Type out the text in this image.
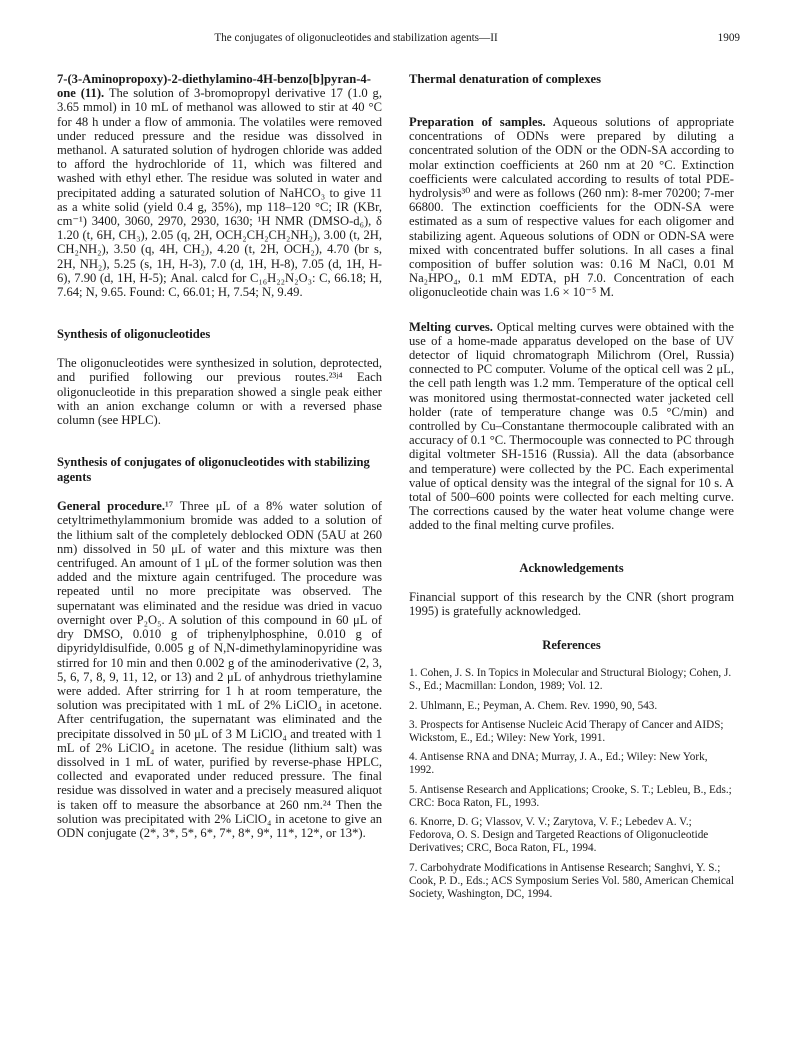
The conjugates of oligonucleotides and stabilization agents—II	1909

7-(3-Aminopropoxy)-2-diethylamino-4H-benzo[b]pyran-4-one (11). The solution of 3-bromopropyl derivative 17 (1.0 g, 3.65 mmol) in 10 mL of methanol was allowed to stir at 40 °C for 48 h under a flow of ammonia. The volatiles were removed under reduced pressure and the residue was dissolved in methanol. A saturated solution of hydrogen chloride was added to afford the hydrochloride of 11, which was filtered and washed with ethyl ether. The residue was soluted in water and precipitated adding a saturated solution of NaHCO₃ to give 11 as a white solid (yield 0.4 g, 35%), mp 118–120 °C; IR (KBr, cm⁻¹) 3400, 3060, 2970, 2930, 1630; ¹H NMR (DMSO-d₆), δ 1.20 (t, 6H, CH₃), 2.05 (q, 2H, OCH₂CH₂CH₂NH₂), 3.00 (t, 2H, CH₂NH₂), 3.50 (q, 4H, CH₂), 4.20 (t, 2H, OCH₂), 4.70 (br s, 2H, NH₂), 5.25 (s, 1H, H-3), 7.0 (d, 1H, H-8), 7.05 (d, 1H, H-6), 7.90 (d, 1H, H-5); Anal. calcd for C₁₆H₂₂N₂O₃: C, 66.18; H, 7.64; N, 9.65. Found: C, 66.01; H, 7.54; N, 9.49.

Synthesis of oligonucleotides

The oligonucleotides were synthesized in solution, deprotected, and purified following our previous routes.²³ʲ⁴ Each oligonucleotide in this preparation showed a single peak either with an anion exchange column or with a reversed phase column (see HPLC).

Synthesis of conjugates of oligonucleotides with stabilizing agents

General procedure.¹⁷ Three μL of a 8% water solution of cetyltrimethylammonium bromide was added to a solution of the lithium salt of the completely deblocked ODN (5AU at 260 nm) dissolved in 50 μL of water and this mixture was then centrifuged. An amount of 1 μL of the former solution was then added and the mixture again centrifuged. The procedure was repeated until no more precipitate was observed. The supernatant was eliminated and the residue was dried in vacuo overnight over P₂O₅. A solution of this compound in 60 μL of dry DMSO, 0.010 g of triphenylphosphine, 0.010 g of dipyridyldisulfide, 0.005 g of N,N-dimethylaminopyridine was stirred for 10 min and then 0.002 g of the aminoderivative (2, 3, 5, 6, 7, 8, 9, 11, 12, or 13) and 2 μL of anhydrous triethylamine were added. After strirring for 1 h at room temperature, the solution was precipitated with 1 mL of 2% LiClO₄ in acetone. After centrifugation, the supernatant was eliminated and the precipitate dissolved in 50 μL of 3 M LiClO₄ and treated with 1 mL of 2% LiClO₄ in acetone. The residue (lithium salt) was dissolved in 1 mL of water, purified by reverse-phase HPLC, collected and evaporated under reduced pressure. The final residue was dissolved in water and a precisely measured aliquot is taken off to measure the absorbance at 260 nm.²⁴ Then the solution was precipitated with 2% LiClO₄ in acetone to give an ODN conjugate (2*, 3*, 5*, 6*, 7*, 8*, 9*, 11*, 12*, or 13*).

Thermal denaturation of complexes

Preparation of samples. Aqueous solutions of appropriate concentrations of ODNs were prepared by diluting a concentrated solution of the ODN or the ODN-SA according to molar extinction coefficients at 260 nm at 20 °C. Extinction coefficients were calculated according to results of total PDE-hydrolysis³⁰ and were as follows (260 nm): 8-mer 70200; 7-mer 66800. The extinction coefficients for the ODN-SA were estimated as a sum of respective values for each oligomer and stabilizing agent. Aqueous solutions of ODN or ODN-SA were mixed with concentrated buffer solutions. In all cases a final composition of buffer solution was: 0.16 M NaCl, 0.01 M Na₂HPO₄, 0.1 mM EDTA, pH 7.0. Concentration of each oligonucleotide chain was 1.6 × 10⁻⁵ M.

Melting curves. Optical melting curves were obtained with the use of a home-made apparatus developed on the base of UV detector of liquid chromatograph Milichrom (Orel, Russia) connected to PC computer. Volume of the optical cell was 2 μL, the cell path length was 1.2 mm. Temperature of the optical cell was monitored using thermostat-connected water jacketed cell holder (rate of temperature change was 0.5 °C/min) and controlled by Cu–Constantane thermocouple calibrated with an accuracy of 0.1 °C. Thermocouple was connected to PC through digital voltmeter SH-1516 (Russia). All the data (absorbance and temperature) were collected by the PC. Each experimental value of optical density was the integral of the signal for 10 s. A total of 500–600 points were collected for each melting curve. The corrections caused by the water heat volume change were added to the final melting curve profiles.

Acknowledgements

Financial support of this research by the CNR (short program 1995) is gratefully acknowledged.

References

1. Cohen, J. S. In Topics in Molecular and Structural Biology; Cohen, J. S., Ed.; Macmillan: London, 1989; Vol. 12.

2. Uhlmann, E.; Peyman, A. Chem. Rev. 1990, 90, 543.

3. Prospects for Antisense Nucleic Acid Therapy of Cancer and AIDS; Wickstom, E., Ed.; Wiley: New York, 1991.

4. Antisense RNA and DNA; Murray, J. A., Ed.; Wiley: New York, 1992.

5. Antisense Research and Applications; Crooke, S. T.; Lebleu, B., Eds.; CRC: Boca Raton, FL, 1993.

6. Knorre, D. G; Vlassov, V. V.; Zarytova, V. F.; Lebedev A. V.; Fedorova, O. S. Design and Targeted Reactions of Oligonucleotide Derivatives; CRC, Boca Raton, FL, 1994.

7. Carbohydrate Modifications in Antisense Research; Sanghvi, Y. S.; Cook, P. D., Eds.; ACS Symposium Series Vol. 580, American Chemical Society, Washington, DC, 1994.
